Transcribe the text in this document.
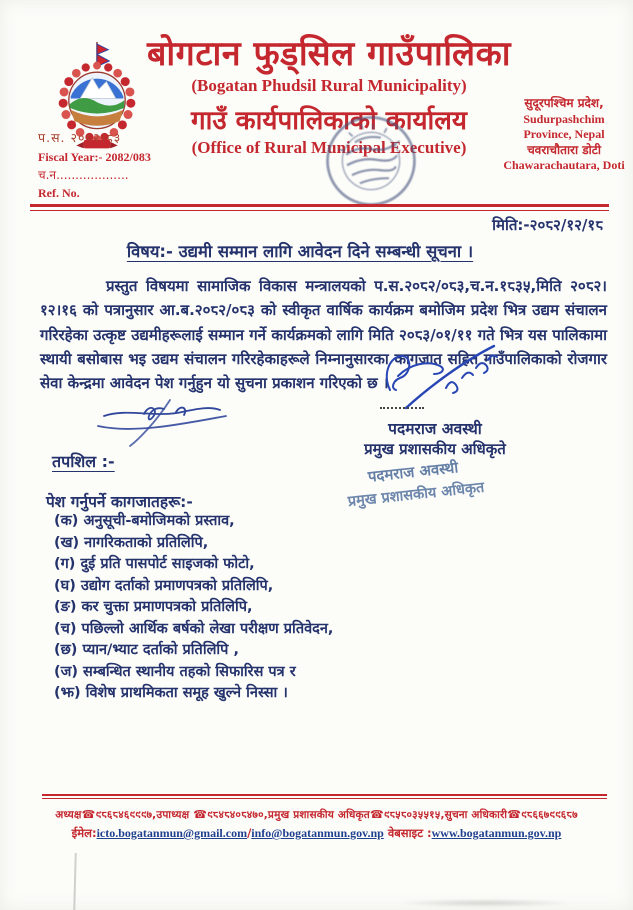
बोगटान फुड्सिल गाउँपालिका
(Bogatan Phudsil Rural Municipality)
गाउँ कार्यपालिकाको कार्यालय
(Office of Rural Municipal Executive)
सुदूरपश्चिम प्रदेश,
Sudurpashchim
Province, Nepal
चवराचौतारा डोटी
Chawarachautara, Doti
प.स. २०८२।८३
Fiscal Year:- 2082/083
च.न...................
Ref. No.
मिति:-२०८२/१२/१८
विषय:- उद्यमी सम्मान लागि आवेदन दिने सम्बन्धी सूचना ।
प्रस्तुत विषयमा सामाजिक विकास मन्त्रालयको प.स.२०८२/०८३,च.न.१८३५,मिति २०८२।१२।१६ को पत्रानुसार आ.ब.२०८२/०८३ को स्वीकृत वार्षिक कार्यक्रम बमोजिम प्रदेश भित्र उद्यम संचालन गरिरहेका उत्कृष्ट उद्यमीहरूलाई सम्मान गर्ने कार्यक्रमको लागि मिति २०८३/०१/११ गते भित्र यस पालिकामा स्थायी बसोबास भइ उद्यम संचालन गरिरहेकाहरूले निम्नानुसारका कागजात सहित गाउँपालिकाको रोजगार सेवा केन्द्रमा आवेदन पेश गर्नुहुन यो सुचना प्रकाशन गरिएको छ ।
पदमराज अवस्थी
प्रमुख प्रशासकीय अधिकृते
पदमराज अवस्थी
प्रमुख प्रशासकीय अधिकृत
तपशिल :-
पेश गर्नुपर्ने कागजातहरू:-
(क) अनुसूची-बमोजिमको प्रस्ताव,
(ख) नागरिकताको प्रतिलिपि,
(ग) दुई प्रति पासपोर्ट साइजको फोटो,
(घ) उद्योग दर्ताको प्रमाणपत्रको प्रतिलिपि,
(ङ) कर चुक्ता प्रमाणपत्रको प्रतिलिपि,
(च) पछिल्लो आर्थिक बर्षको लेखा परीक्षण प्रतिवेदन,
(छ) प्यान/भ्याट दर्ताको प्रतिलिपि ,
(ज) सम्बन्धित स्थानीय तहको सिफारिस पत्र र
(झ) विशेष प्राथमिकता समूह खुल्ने निस्सा ।
अध्यक्ष☎९८६८४६९९९७,उपाध्यक्ष ☎९८४८४०८४७०,प्रमुख प्रशासकीय अधिकृत☎९८५८०३५५१५,सुचना अधिकारी☎९८६६७९९६८७
ईमेल:icto.bogatanmun@gmail.com/info@bogatanmun.gov.np वेबसाइट :www.bogatanmun.gov.np
